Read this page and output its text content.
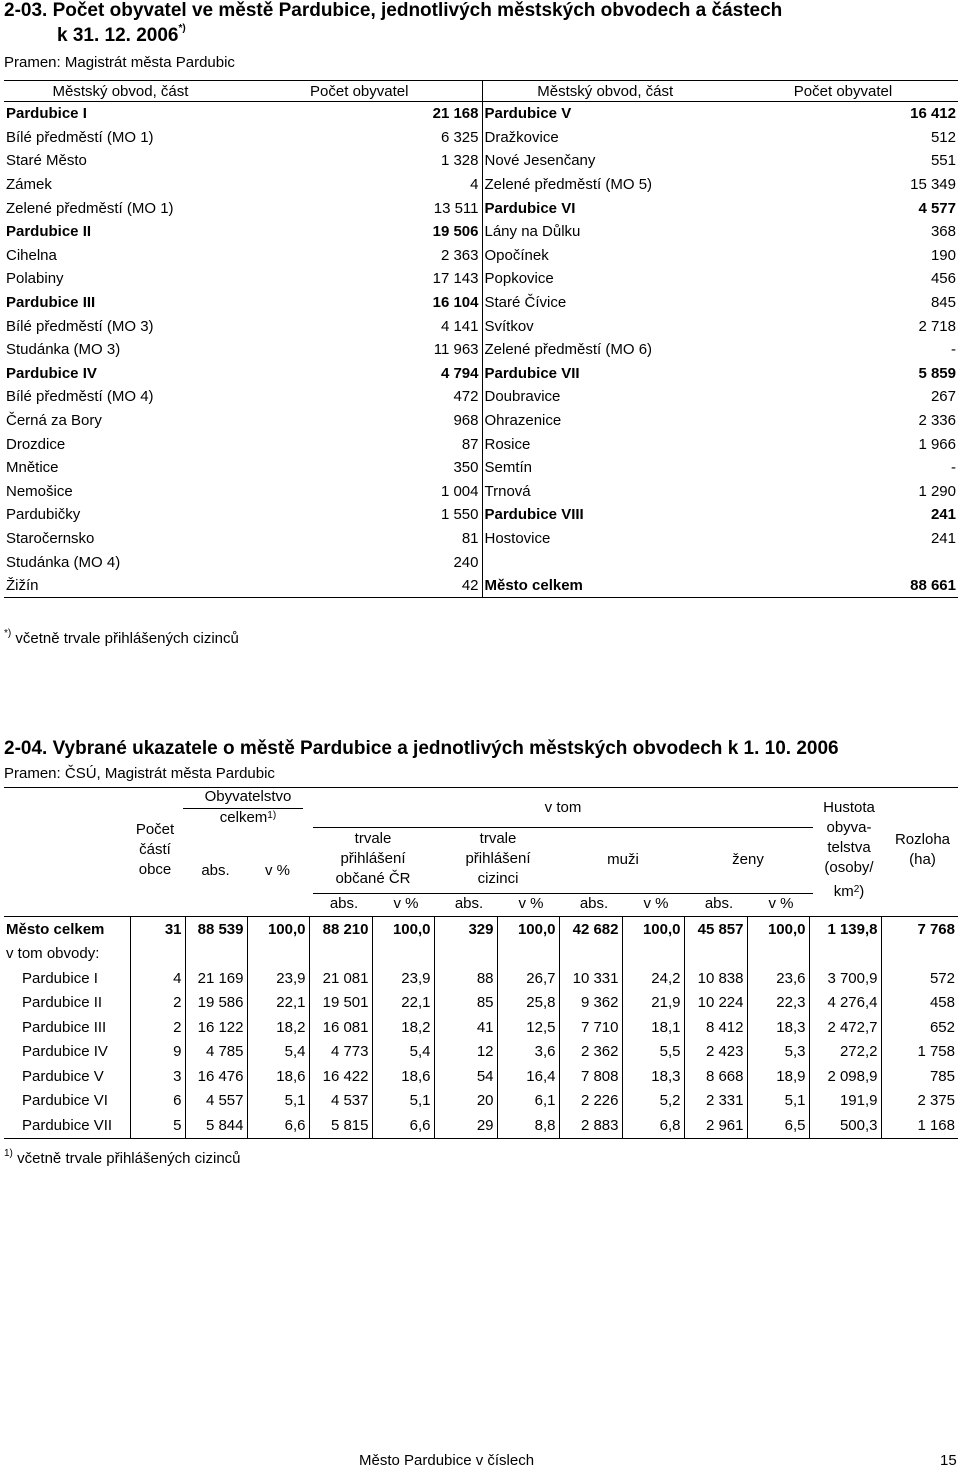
2-03. Počet obyvatel ve městě Pardubice, jednotlivých městských obvodech a částech
k 31. 12. 2006*)
Pramen: Magistrát města Pardubic
Městský obvod, část	Počet obyvatel	Městský obvod, část	Počet obyvatel
Pardubice I	21 168	Pardubice V	16 412
Bílé předměstí (MO 1)	6 325	Dražkovice	512
Staré Město	1 328	Nové Jesenčany	551
Zámek	4	Zelené předměstí (MO 5)	15 349
Zelené předměstí (MO 1)	13 511	Pardubice VI	4 577
Pardubice II	19 506	Lány na Důlku	368
Cihelna	2 363	Opočínek	190
Polabiny	17 143	Popkovice	456
Pardubice III	16 104	Staré Čívice	845
Bílé předměstí (MO 3)	4 141	Svítkov	2 718
Studánka (MO 3)	11 963	Zelené předměstí (MO 6)	-
Pardubice IV	4 794	Pardubice VII	5 859
Bílé předměstí (MO 4)	472	Doubravice	267
Černá za Bory	968	Ohrazenice	2 336
Drozdice	87	Rosice	1 966
Mnětice	350	Semtín	-
Nemošice	1 004	Trnová	1 290
Pardubičky	1 550	Pardubice VIII	241
Staročernsko	81	Hostovice	241
Studánka (MO 4)	240		
Žižín	42	Město celkem	88 661
*) včetně trvale přihlášených cizinců
2-04. Vybrané ukazatele o městě Pardubice a jednotlivých městských obvodech k 1. 10. 2006
Pramen: ČSÚ, Magistrát města Pardubic
Počet
částí
obce
Obyvatelstvo
celkem$^{1)}$
abs.	v %
v tom
trvale
přihlášení
občané ČR
trvale
přihlášení
cizinci
muži	ženy
abs.	v %	abs.	v %	abs.	v %	abs.	v %
Hustota
obyva-
telstva
(osoby/
$km^2$)
Rozloha
(ha)
Město celkem	31	88 539	100,0	88 210	100,0	329	100,0	42 682	100,0	45 857	100,0	1 139,8	7 768
v tom obvody:													
Pardubice I	4	21 169	23,9	21 081	23,9	88	26,7	10 331	24,2	10 838	23,6	3 700,9	572
Pardubice II	2	19 586	22,1	19 501	22,1	85	25,8	9 362	21,9	10 224	22,3	4 276,4	458
Pardubice III	2	16 122	18,2	16 081	18,2	41	12,5	7 710	18,1	8 412	18,3	2 472,7	652
Pardubice IV	9	4 785	5,4	4 773	5,4	12	3,6	2 362	5,5	2 423	5,3	272,2	1 758
Pardubice V	3	16 476	18,6	16 422	18,6	54	16,4	7 808	18,3	8 668	18,9	2 098,9	785
Pardubice VI	6	4 557	5,1	4 537	5,1	20	6,1	2 226	5,2	2 331	5,1	191,9	2 375
Pardubice VII	5	5 844	6,6	5 815	6,6	29	8,8	2 883	6,8	2 961	6,5	500,3	1 168
$^{1)}$ včetně trvale přihlášených cizinců
Město Pardubice v číslech	15
